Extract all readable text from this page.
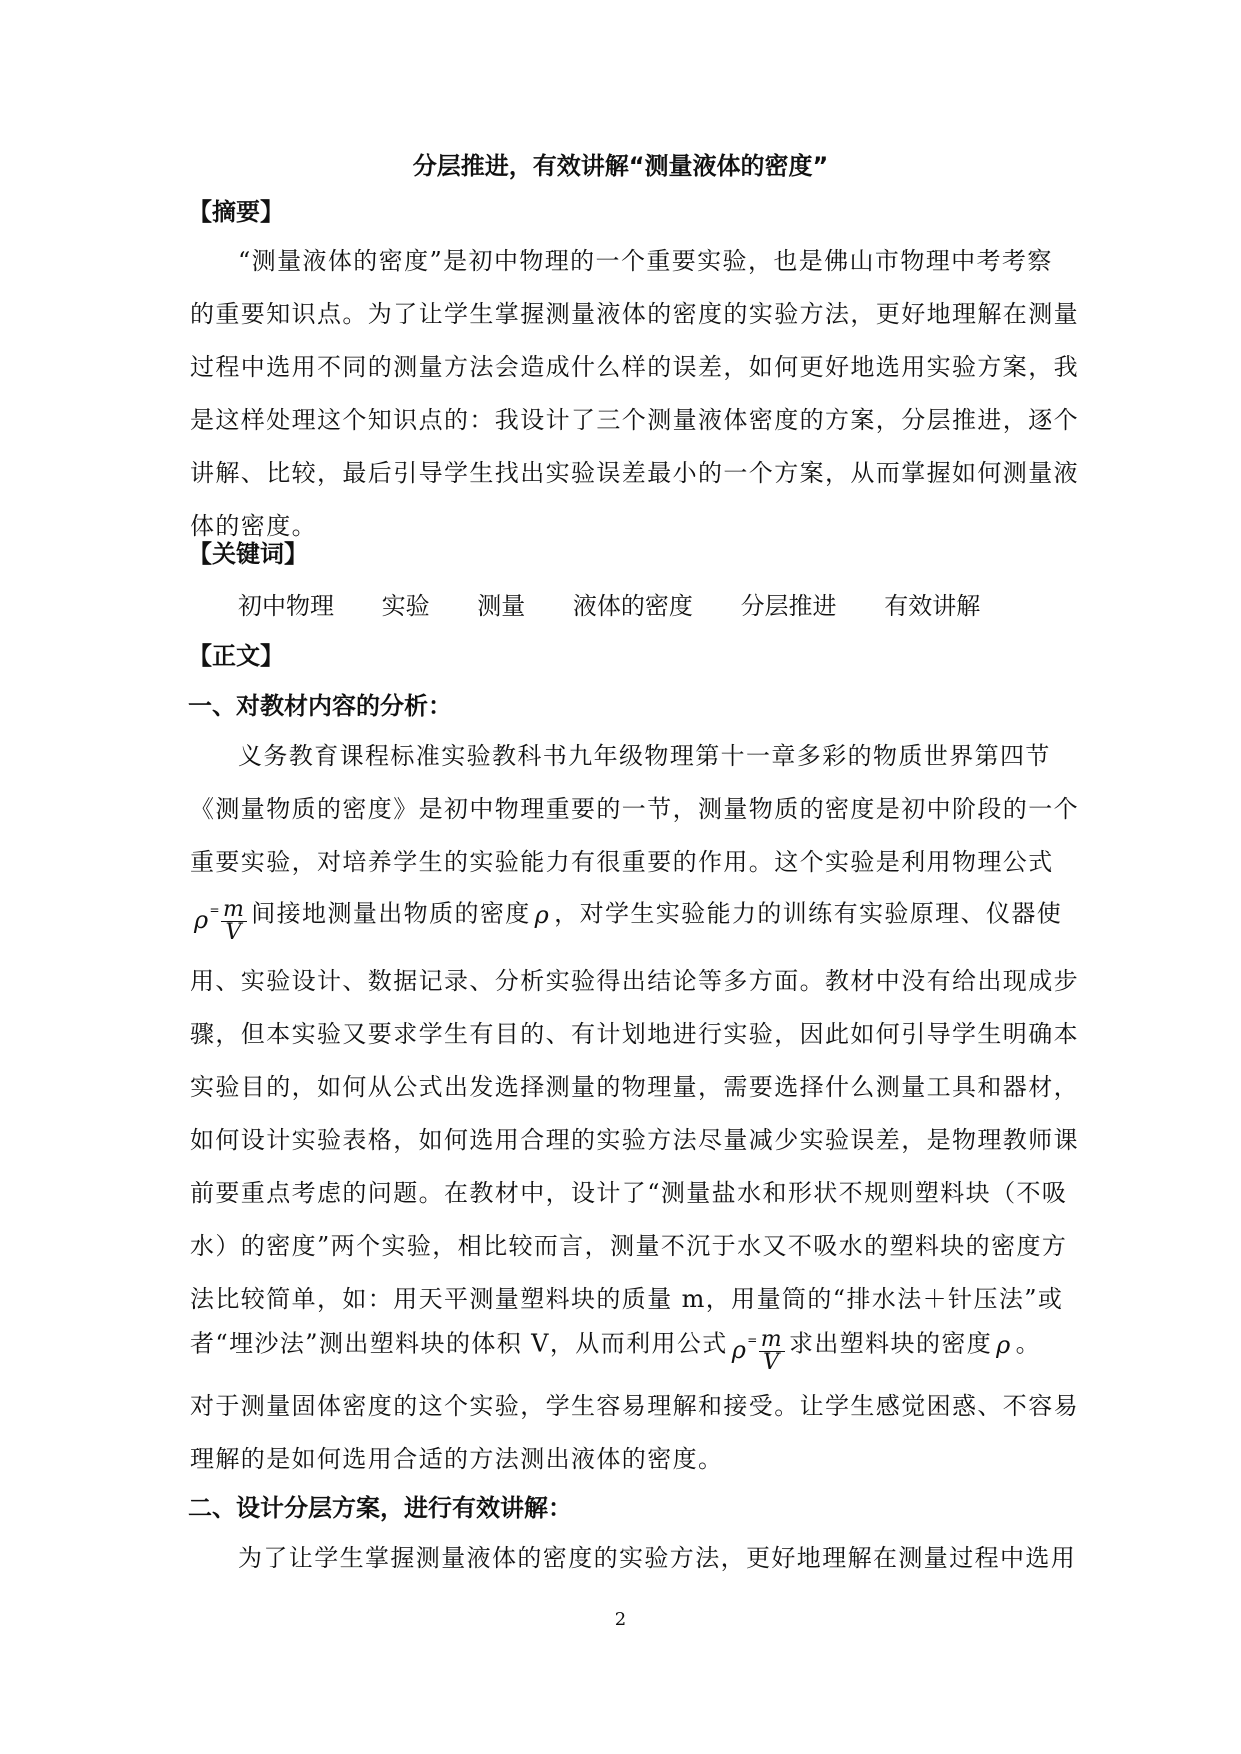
分层推进，有效讲解“测量液体的密度”
【摘要】
“测量液体的密度”是初中物理的一个重要实验，也是佛山市物理中考考察
的重要知识点。为了让学生掌握测量液体的密度的实验方法，更好地理解在测量
过程中选用不同的测量方法会造成什么样的误差，如何更好地选用实验方案，我
是这样处理这个知识点的：我设计了三个测量液体密度的方案，分层推进，逐个
讲解、比较，最后引导学生找出实验误差最小的一个方案，从而掌握如何测量液
体的密度。
【关键词】
初中物理 实验 测量 液体的密度 分层推进 有效讲解
【正文】
一、对教材内容的分析：
义务教育课程标准实验教科书九年级物理第十一章多彩的物质世界第四节
《测量物质的密度》是初中物理重要的一节，测量物质的密度是初中阶段的一个
重要实验，对培养学生的实验能力有很重要的作用。这个实验是利用物理公式
$\rho^= \frac{m}{V}$ 间接地测量出物质的密度 ρ ，对学生实验能力的训练有实验原理、仪器使
用、实验设计、数据记录、分析实验得出结论等多方面。教材中没有给出现成步
骤，但本实验又要求学生有目的、有计划地进行实验，因此如何引导学生明确本
实验目的，如何从公式出发选择测量的物理量，需要选择什么测量工具和器材，
如何设计实验表格，如何选用合理的实验方法尽量减少实验误差，是物理教师课
前要重点考虑的问题。在教材中，设计了“测量盐水和形状不规则塑料块（不吸
水）的密度”两个实验，相比较而言，测量不沉于水又不吸水的塑料块的密度方
法比较简单，如：用天平测量塑料块的质量 m，用量筒的“排水法＋针压法”或
者“埋沙法”测出塑料块的体积 V，从而利用公式 $\rho^= \frac{m}{V}$ 求出塑料块的密度 ρ 。
对于测量固体密度的这个实验，学生容易理解和接受。让学生感觉困惑、不容易
理解的是如何选用合适的方法测出液体的密度。
二、设计分层方案，进行有效讲解：
为了让学生掌握测量液体的密度的实验方法，更好地理解在测量过程中选用
2
